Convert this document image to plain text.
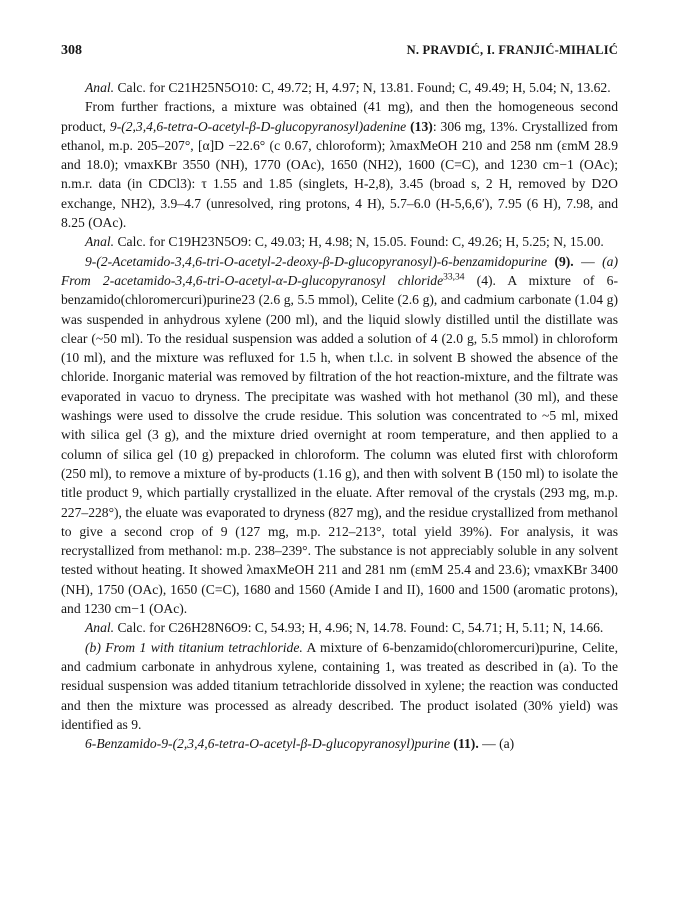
308	N. PRAVDIĆ, I. FRANJIĆ-MIHALIĆ

Anal. Calc. for C21H25N5O10: C, 49.72; H, 4.97; N, 13.81. Found; C, 49.49; H, 5.04; N, 13.62.

From further fractions, a mixture was obtained (41 mg), and then the homogeneous second product, 9-(2,3,4,6-tetra-O-acetyl-β-D-glucopyranosyl)adenine (13): 306 mg, 13%. Crystallized from ethanol, m.p. 205–207°, [α]D −22.6° (c 0.67, chloroform); λmaxMeOH 210 and 258 nm (εmM 28.9 and 18.0); νmaxKBr 3550 (NH), 1770 (OAc), 1650 (NH2), 1600 (C=C), and 1230 cm−1 (OAc); n.m.r. data (in CDCl3): τ 1.55 and 1.85 (singlets, H-2,8), 3.45 (broad s, 2 H, removed by D2O exchange, NH2), 3.9–4.7 (unresolved, ring protons, 4 H), 5.7–6.0 (H-5,6,6′), 7.95 (6 H), 7.98, and 8.25 (OAc).

Anal. Calc. for C19H23N5O9: C, 49.03; H, 4.98; N, 15.05. Found: C, 49.26; H, 5.25; N, 15.00.

9-(2-Acetamido-3,4,6-tri-O-acetyl-2-deoxy-β-D-glucopyranosyl)-6-benzamidopurine (9). — (a) From 2-acetamido-3,4,6-tri-O-acetyl-α-D-glucopyranosyl chloride$^{33,34}$ (4). A mixture of 6-benzamido(chloromercuri)purine23 (2.6 g, 5.5 mmol), Celite (2.6 g), and cadmium carbonate (1.04 g) was suspended in anhydrous xylene (200 ml), and the liquid slowly distilled until the distillate was clear (~50 ml). To the residual suspension was added a solution of 4 (2.0 g, 5.5 mmol) in chloroform (10 ml), and the mixture was refluxed for 1.5 h, when t.l.c. in solvent B showed the absence of the chloride. Inorganic material was removed by filtration of the hot reaction-mixture, and the filtrate was evaporated in vacuo to dryness. The precipitate was washed with hot methanol (30 ml), and these washings were used to dissolve the crude residue. This solution was concentrated to ~5 ml, mixed with silica gel (3 g), and the mixture dried overnight at room temperature, and then applied to a column of silica gel (10 g) prepacked in chloroform. The column was eluted first with chloroform (250 ml), to remove a mixture of by-products (1.16 g), and then with solvent B (150 ml) to isolate the title product 9, which partially crystallized in the eluate. After removal of the crystals (293 mg, m.p. 227–228°), the eluate was evaporated to dryness (827 mg), and the residue crystallized from methanol to give a second crop of 9 (127 mg, m.p. 212–213°, total yield 39%). For analysis, it was recrystallized from methanol: m.p. 238–239°. The substance is not appreciably soluble in any solvent tested without heating. It showed λmaxMeOH 211 and 281 nm (εmM 25.4 and 23.6); νmaxKBr 3400 (NH), 1750 (OAc), 1650 (C=C), 1680 and 1560 (Amide I and II), 1600 and 1500 (aromatic protons), and 1230 cm−1 (OAc).

Anal. Calc. for C26H28N6O9: C, 54.93; H, 4.96; N, 14.78. Found: C, 54.71; H, 5.11; N, 14.66.

(b) From 1 with titanium tetrachloride. A mixture of 6-benzamido(chloromercuri)purine, Celite, and cadmium carbonate in anhydrous xylene, containing 1, was treated as described in (a). To the residual suspension was added titanium tetrachloride dissolved in xylene; the reaction was conducted and then the mixture was processed as already described. The product isolated (30% yield) was identified as 9.

6-Benzamido-9-(2,3,4,6-tetra-O-acetyl-β-D-glucopyranosyl)purine (11). — (a)
